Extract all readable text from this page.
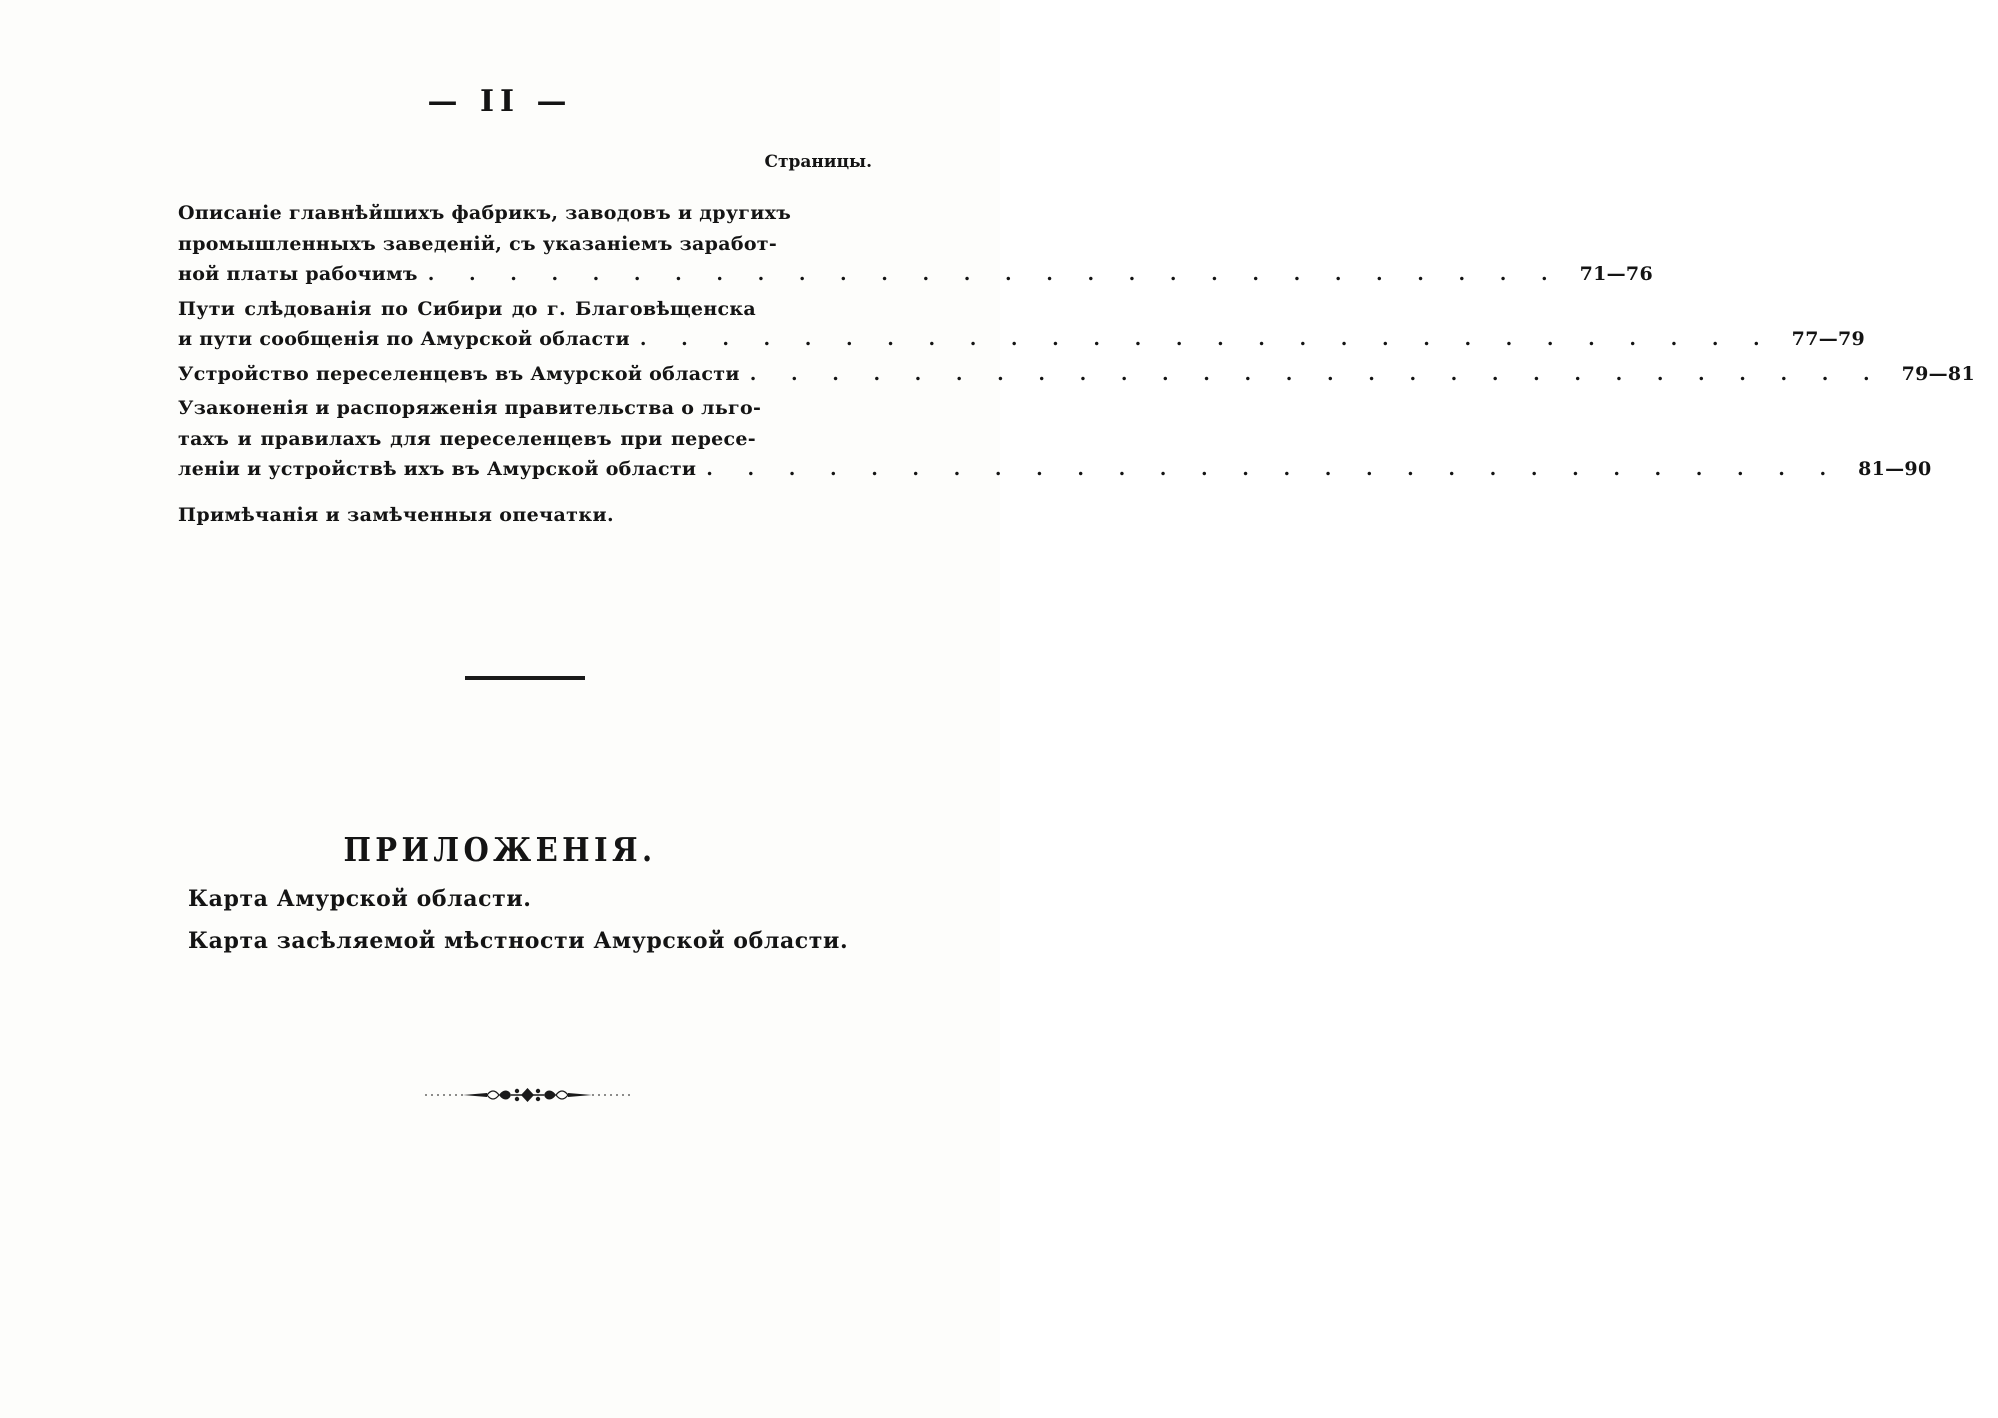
— II —
Страницы.
Описаніе главнѣйшихъ фабрикъ, заводовъ и другихъ
промышленныхъ заведеній, съ указаніемъ заработ-
ной платы рабочимъ . . . . . . . . . . . . . . . . . . . . . . . . . . . . 71—76
Пути слѣдованія по Сибири до г. Благовѣщенска
и пути сообщенія по Амурской области . . . . . . . . . . . . . . . . . . . . . . . . . . . . 77—79
Устройство переселенцевъ въ Амурской области . . . . . . . . . . . . . . . . . . . . . . . . . . . . 79—81
Узаконенія и распоряженія правительства о льго-
тахъ и правилахъ для переселенцевъ при пересе-
леніи и устройствѣ ихъ въ Амурской области . . . . . . . . . . . . . . . . . . . . . . . . . . . . 81—90
Примѣчанія и замѣченныя опечатки.
ПРИЛОЖЕНІЯ.
Карта Амурской области.
Карта засѣляемой мѣстности Амурской области.
